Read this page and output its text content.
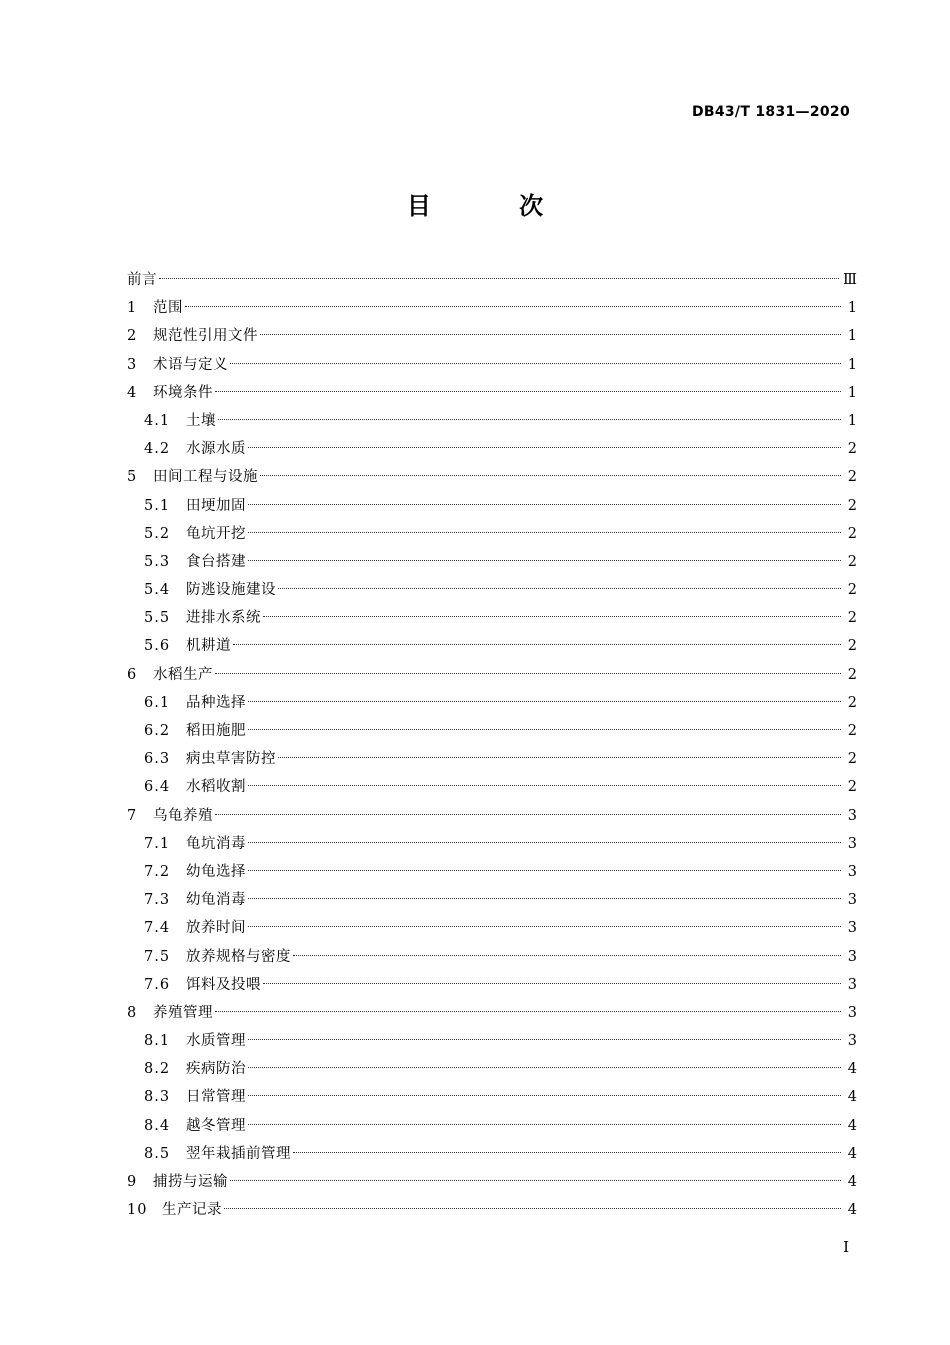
DB43/T 1831—2020
目 次
前言	Ⅲ
1	范围	1
2	规范性引用文件	1
3	术语与定义	1
4	环境条件	1
4.1	土壤	1
4.2	水源水质	2
5	田间工程与设施	2
5.1	田埂加固	2
5.2	龟坑开挖	2
5.3	食台搭建	2
5.4	防逃设施建设	2
5.5	进排水系统	2
5.6	机耕道	2
6	水稻生产	2
6.1	品种选择	2
6.2	稻田施肥	2
6.3	病虫草害防控	2
6.4	水稻收割	2
7	乌龟养殖	3
7.1	龟坑消毒	3
7.2	幼龟选择	3
7.3	幼龟消毒	3
7.4	放养时间	3
7.5	放养规格与密度	3
7.6	饵料及投喂	3
8	养殖管理	3
8.1	水质管理	3
8.2	疾病防治	4
8.3	日常管理	4
8.4	越冬管理	4
8.5	翌年栽插前管理	4
9	捕捞与运输	4
10	生产记录	4
I
